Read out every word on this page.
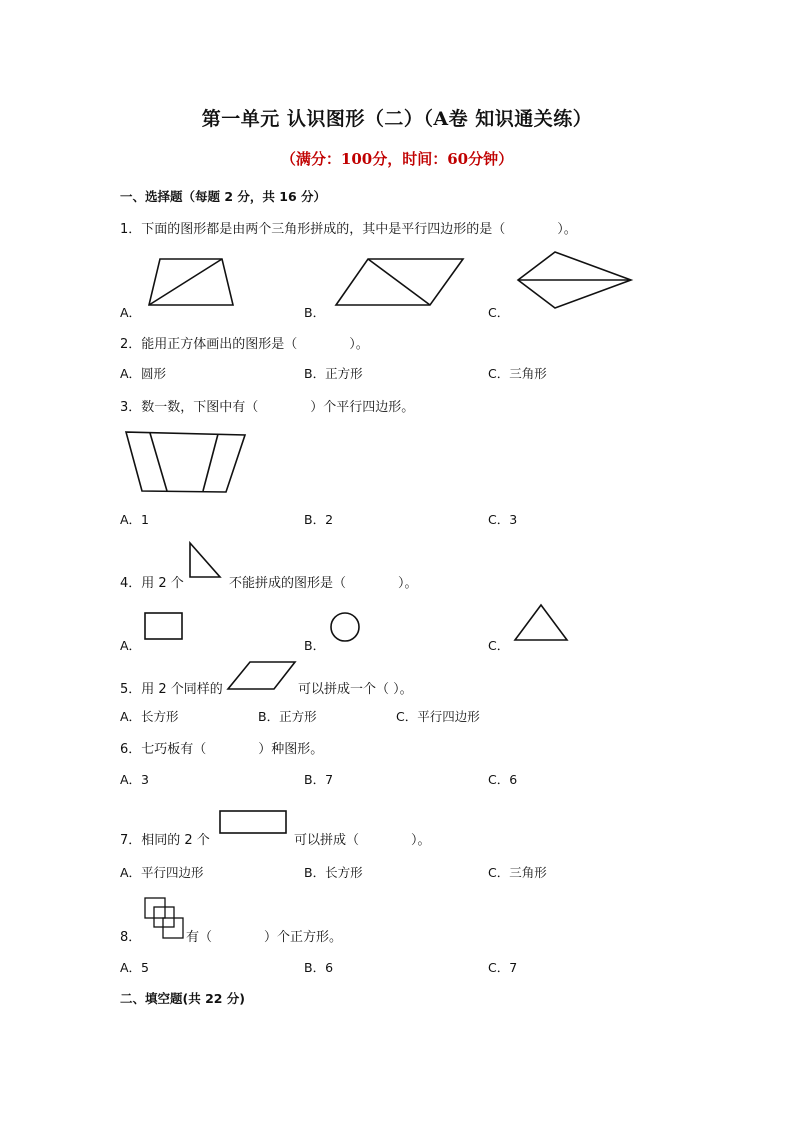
第一单元 认识图形（二）（A卷 知识通关练）
（满分：100分，时间：60分钟）
一、选择题（每题 2 分，共 16 分）
1．下面的图形都是由两个三角形拼成的，其中是平行四边形的是（　　　　）。
A．	B．	C．
2．能用正方体画出的图形是（　　　　）。
A．圆形	B．正方形	C．三角形
3．数一数，下图中有（　　　　）个平行四边形。
A．1	B．2	C．3
4．用 2 个	不能拼成的图形是（　　　　）。
A．	B．	C．
5．用 2 个同样的	可以拼成一个（ ）。
A．长方形	B．正方形	C．平行四边形
6．七巧板有（　　　　）种图形。
A．3	B．7	C．6
7．相同的 2 个	可以拼成（　　　　）。
A．平行四边形	B．长方形	C．三角形
8．	有（　　　　）个正方形。
A．5	B．6	C．7
二、填空题(共 22 分)
